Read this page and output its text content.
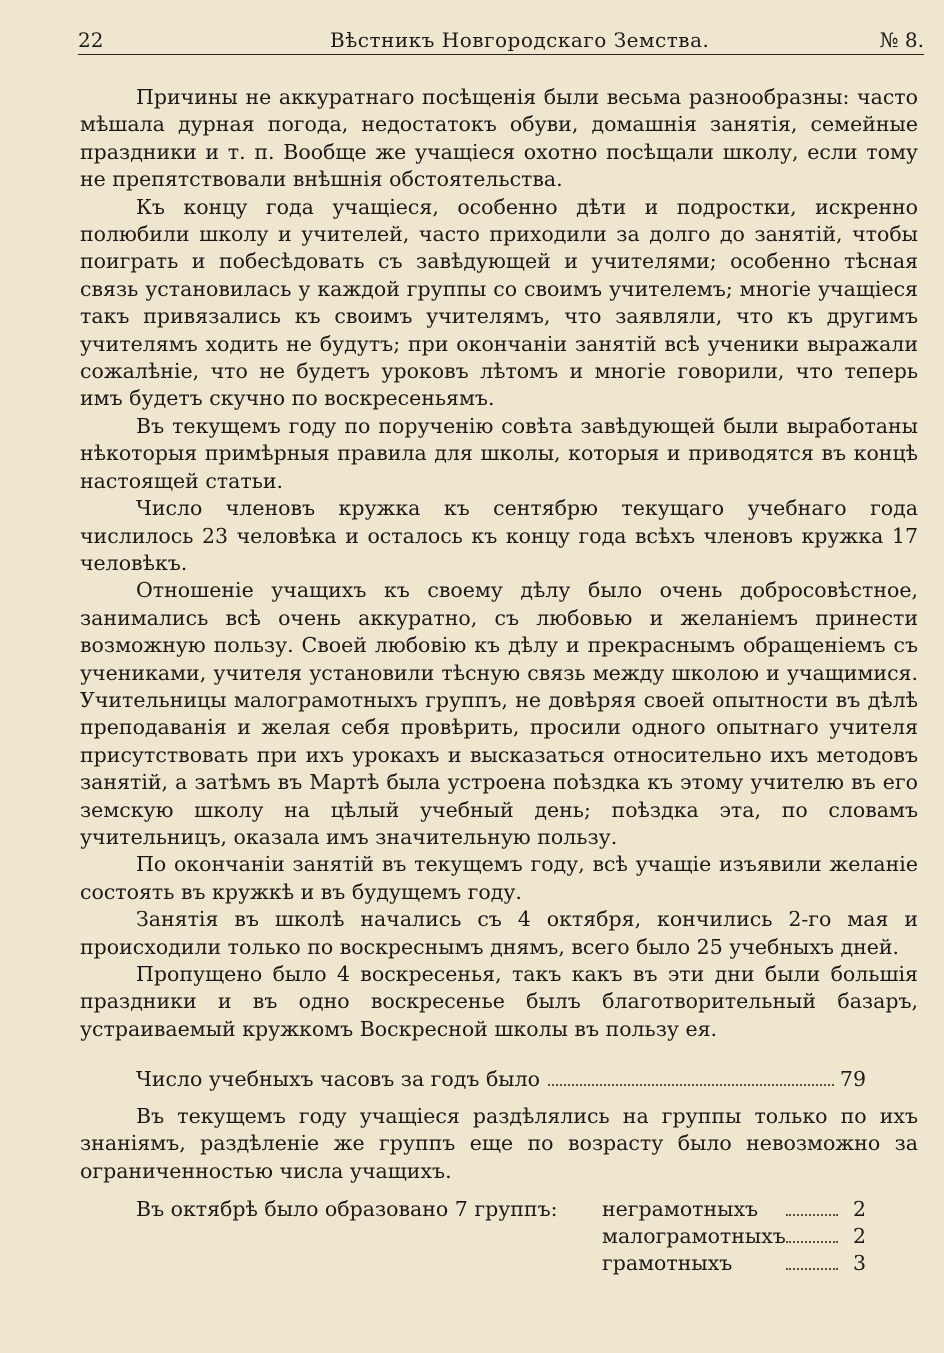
22	Вѣстникъ Новгородскаго Земства.	№ 8.

Причины не аккуратнаго посѣщенія были весьма разнообразны: часто мѣшала дурная погода, недостатокъ обуви, домашнія занятія, семейные праздники и т. п. Вообще же учащіеся охотно посѣщали школу, если тому не препятствовали внѣшнія обстоятельства.

Къ концу года учащіеся, особенно дѣти и подростки, искренно полюбили школу и учителей, часто приходили за долго до занятій, чтобы поиграть и побесѣдовать съ завѣдующей и учителями; особенно тѣсная связь установилась у каждой группы со своимъ учителемъ; многіе учащіеся такъ привязались къ своимъ учителямъ, что заявляли, что къ другимъ учителямъ ходить не будутъ; при окончаніи занятій всѣ ученики выражали сожалѣніе, что не будетъ уроковъ лѣтомъ и многіе говорили, что теперь имъ будетъ скучно по воскресеньямъ.

Въ текущемъ году по порученію совѣта завѣдующей были выработаны нѣкоторыя примѣрныя правила для школы, которыя и приводятся въ концѣ настоящей статьи.

Число членовъ кружка къ сентябрю текущаго учебнаго года числилось 23 человѣка и осталось къ концу года всѣхъ членовъ кружка 17 человѣкъ.

Отношеніе учащихъ къ своему дѣлу было очень добросовѣстное, занимались всѣ очень аккуратно, съ любовью и желаніемъ принести возможную пользу. Своей любовію къ дѣлу и прекраснымъ обращеніемъ съ учениками, учителя установили тѣсную связь между школою и учащимися. Учительницы малограмотныхъ группъ, не довѣряя своей опытности въ дѣлѣ преподаванія и желая себя провѣрить, просили одного опытнаго учителя присутствовать при ихъ урокахъ и высказаться относительно ихъ методовъ занятій, а затѣмъ въ Мартѣ была устроена поѣздка къ этому учителю въ его земскую школу на цѣлый учебный день; поѣздка эта, по словамъ учительницъ, оказала имъ значительную пользу.

По окончаніи занятій въ текущемъ году, всѣ учащіе изъявили желаніе состоять въ кружкѣ и въ будущемъ году.

Занятія въ школѣ начались съ 4 октября, кончились 2-го мая и происходили только по воскреснымъ днямъ, всего было 25 учебныхъ дней.

Пропущено было 4 воскресенья, такъ какъ въ эти дни были большія праздники и въ одно воскресенье былъ благотворительный базаръ, устраиваемый кружкомъ Воскресной школы въ пользу ея.

Число учебныхъ часовъ за годъ было	79

Въ текущемъ году учащіеся раздѣлялись на группы только по ихъ знаніямъ, раздѣленіе же группъ еще по возрасту было невозможно за ограниченностью числа учащихъ.

Въ октябрѣ было образовано 7 группъ:	неграмотныхъ	2
малограмотныхъ	2
грамотныхъ	3
